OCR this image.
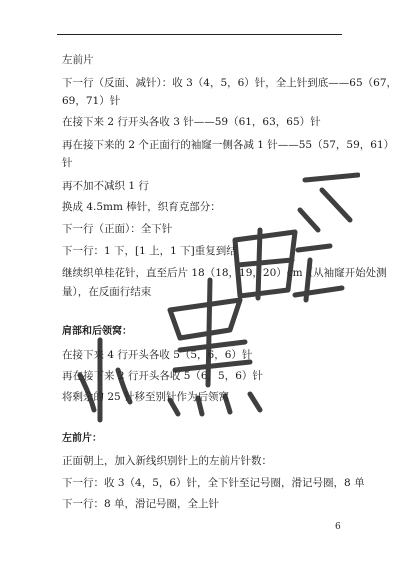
左前片
下一行（反面、减针）：收 3（4，5，6）针，全上针到底——65（67，
69，71）针
在接下来 2 行开头各收 3 针——59（61，63，65）针
再在接下来的 2 个正面行的袖窿一侧各减 1 针——55（57，59，61）
针
再不加不减织 1 行
换成 4.5mm 棒针，织育克部分：
下一行（正面）：全下针
下一行：1 下，[1 上，1 下]重复到结
继续织单桂花针，直至后片 18（18，19，20）cm（从袖窿开始处测
量），在反面行结束
肩部和后领窝：
在接下来 4 行开头各收 5（5，6，6）针
再在接下来 2 行开头各收 5（6，5，6）针
将剩余的 25 针移至别针作为后领窝
左前片：
正面朝上，加入新线织别针上的左前片针数：
下一行：收 3（4，5，6）针，全下针至记号圈，滑记号圈，8 单
下一行：8 单，滑记号圈，全上针
6
